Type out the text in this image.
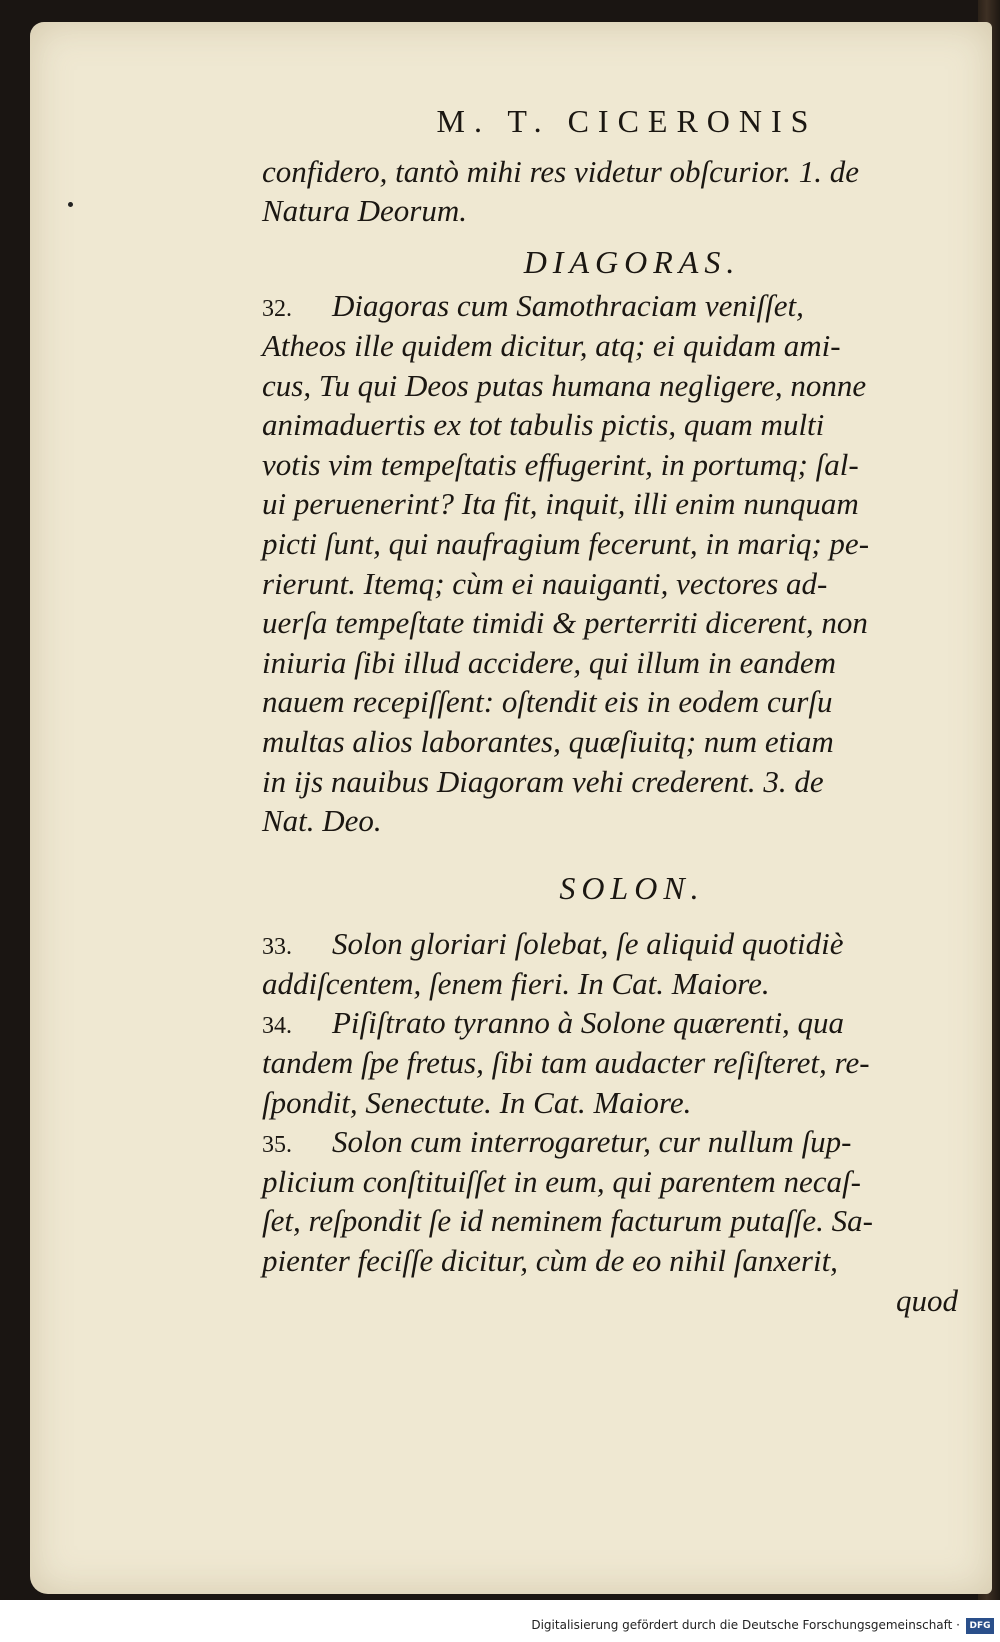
M. T. CICERONIS
confidero, tantò mihi res videtur obſcurior. 1. de
Natura Deorum.
DIAGORAS.
32. Diagoras cum Samothraciam veniſſet,
Atheos ille quidem dicitur, atq; ei quidam ami-
cus, Tu qui Deos putas humana negligere, nonne
animaduertis ex tot tabulis pictis, quam multi
votis vim tempeſtatis effugerint, in portumq; ſal-
ui peruenerint? Ita fit, inquit, illi enim nunquam
picti ſunt, qui naufragium fecerunt, in mariq; pe-
rierunt. Itemq; cùm ei nauiganti, vectores ad-
uerſa tempeſtate timidi & perterriti dicerent, non
iniuria ſibi illud accidere, qui illum in eandem
nauem recepiſſent: oſtendit eis in eodem curſu
multas alios laborantes, quæſiuitq; num etiam
in ijs nauibus Diagoram vehi crederent. 3. de
Nat. Deo.
SOLON.
33. Solon gloriari ſolebat, ſe aliquid quotidiè
addiſcentem, ſenem fieri. In Cat. Maiore.
34. Piſiſtrato tyranno à Solone quærenti, qua
tandem ſpe fretus, ſibi tam audacter reſiſteret, re-
ſpondit, Senectute. In Cat. Maiore.
35. Solon cum interrogaretur, cur nullum ſup-
plicium conſtituiſſet in eum, qui parentem necaſ-
ſet, reſpondit ſe id neminem facturum putaſſe. Sa-
pienter feciſſe dicitur, cùm de eo nihil ſanxerit,
quod
Digitalisierung gefördert durch die Deutsche Forschungsgemeinschaft ·	DFG
